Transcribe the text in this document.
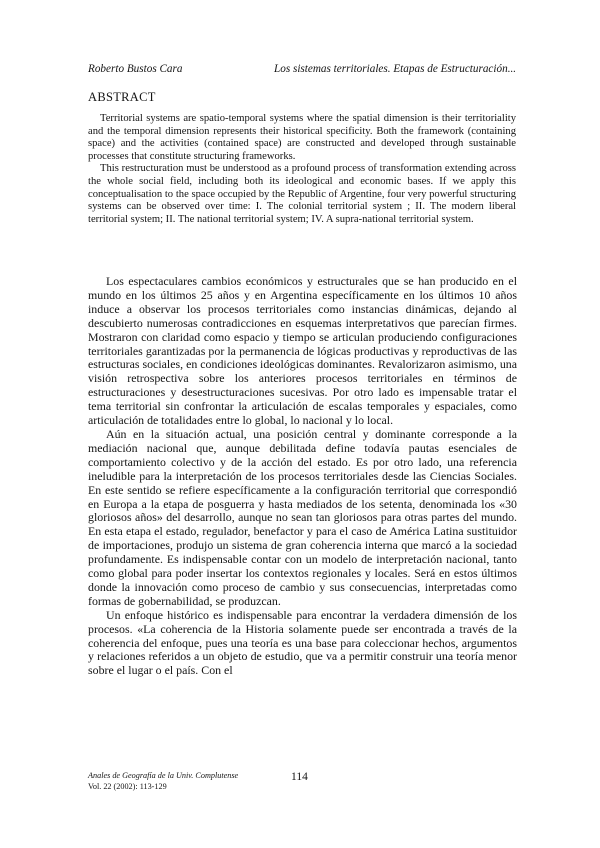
Roberto Bustos Cara	Los sistemas territoriales. Etapas de Estructuración...
ABSTRACT

Territorial systems are spatio-temporal systems where the spatial dimension is their territoriality and the temporal dimension represents their historical specificity. Both the framework (containing space) and the activities (contained space) are constructed and developed through sustainable processes that constitute structuring frameworks.

This restructuration must be understood as a profound process of transformation extending across the whole social field, including both its ideological and economic bases. If we apply this conceptualisation to the space occupied by the Republic of Argentine, four very powerful structuring systems can be observed over time: I. The colonial territorial system ; II. The modern liberal territorial system; II. The national territorial system; IV. A supra-national territorial system.

Los espectaculares cambios económicos y estructurales que se han producido en el mundo en los últimos 25 años y en Argentina específicamente en los últimos 10 años induce a observar los procesos territoriales como instancias dinámicas, dejando al descubierto numerosas contradicciones en esquemas interpretativos que parecían firmes. Mostraron con claridad como espacio y tiempo se articulan produciendo configuraciones territoriales garantizadas por la permanencia de lógicas productivas y reproductivas de las estructuras sociales, en condiciones ideológicas dominantes. Revalorizaron asimismo, una visión retrospectiva sobre los anteriores procesos territoriales en términos de estructuraciones y desestructuraciones sucesivas. Por otro lado es impensable tratar el tema territorial sin confrontar la articulación de escalas temporales y espaciales, como articulación de totalidades entre lo global, lo nacional y lo local.

Aún en la situación actual, una posición central y dominante corresponde a la mediación nacional que, aunque debilitada define todavía pautas esenciales de comportamiento colectivo y de la acción del estado. Es por otro lado, una referencia ineludible para la interpretación de los procesos territoriales desde las Ciencias Sociales. En este sentido se refiere específicamente a la configuración territorial que correspondió en Europa a la etapa de posguerra y hasta mediados de los setenta, denominada los «30 gloriosos años» del desarrollo, aunque no sean tan gloriosos para otras partes del mundo. En esta etapa el estado, regulador, benefactor y para el caso de América Latina sustituidor de importaciones, produjo un sistema de gran coherencia interna que marcó a la sociedad profundamente. Es indispensable contar con un modelo de interpretación nacional, tanto como global para poder insertar los contextos regionales y locales. Será en estos últimos donde la innovación como proceso de cambio y sus consecuencias, interpretadas como formas de gobernabilidad, se produzcan.

Un enfoque histórico es indispensable para encontrar la verdadera dimensión de los procesos. «La coherencia de la Historia solamente puede ser encontrada a través de la coherencia del enfoque, pues una teoría es una base para coleccionar hechos, argumentos y relaciones referidos a un objeto de estudio, que va a permitir construir una teoría menor sobre el lugar o el país. Con el

Anales de Geografía de la Univ. Complutense
Vol. 22 (2002): 113-129
114
